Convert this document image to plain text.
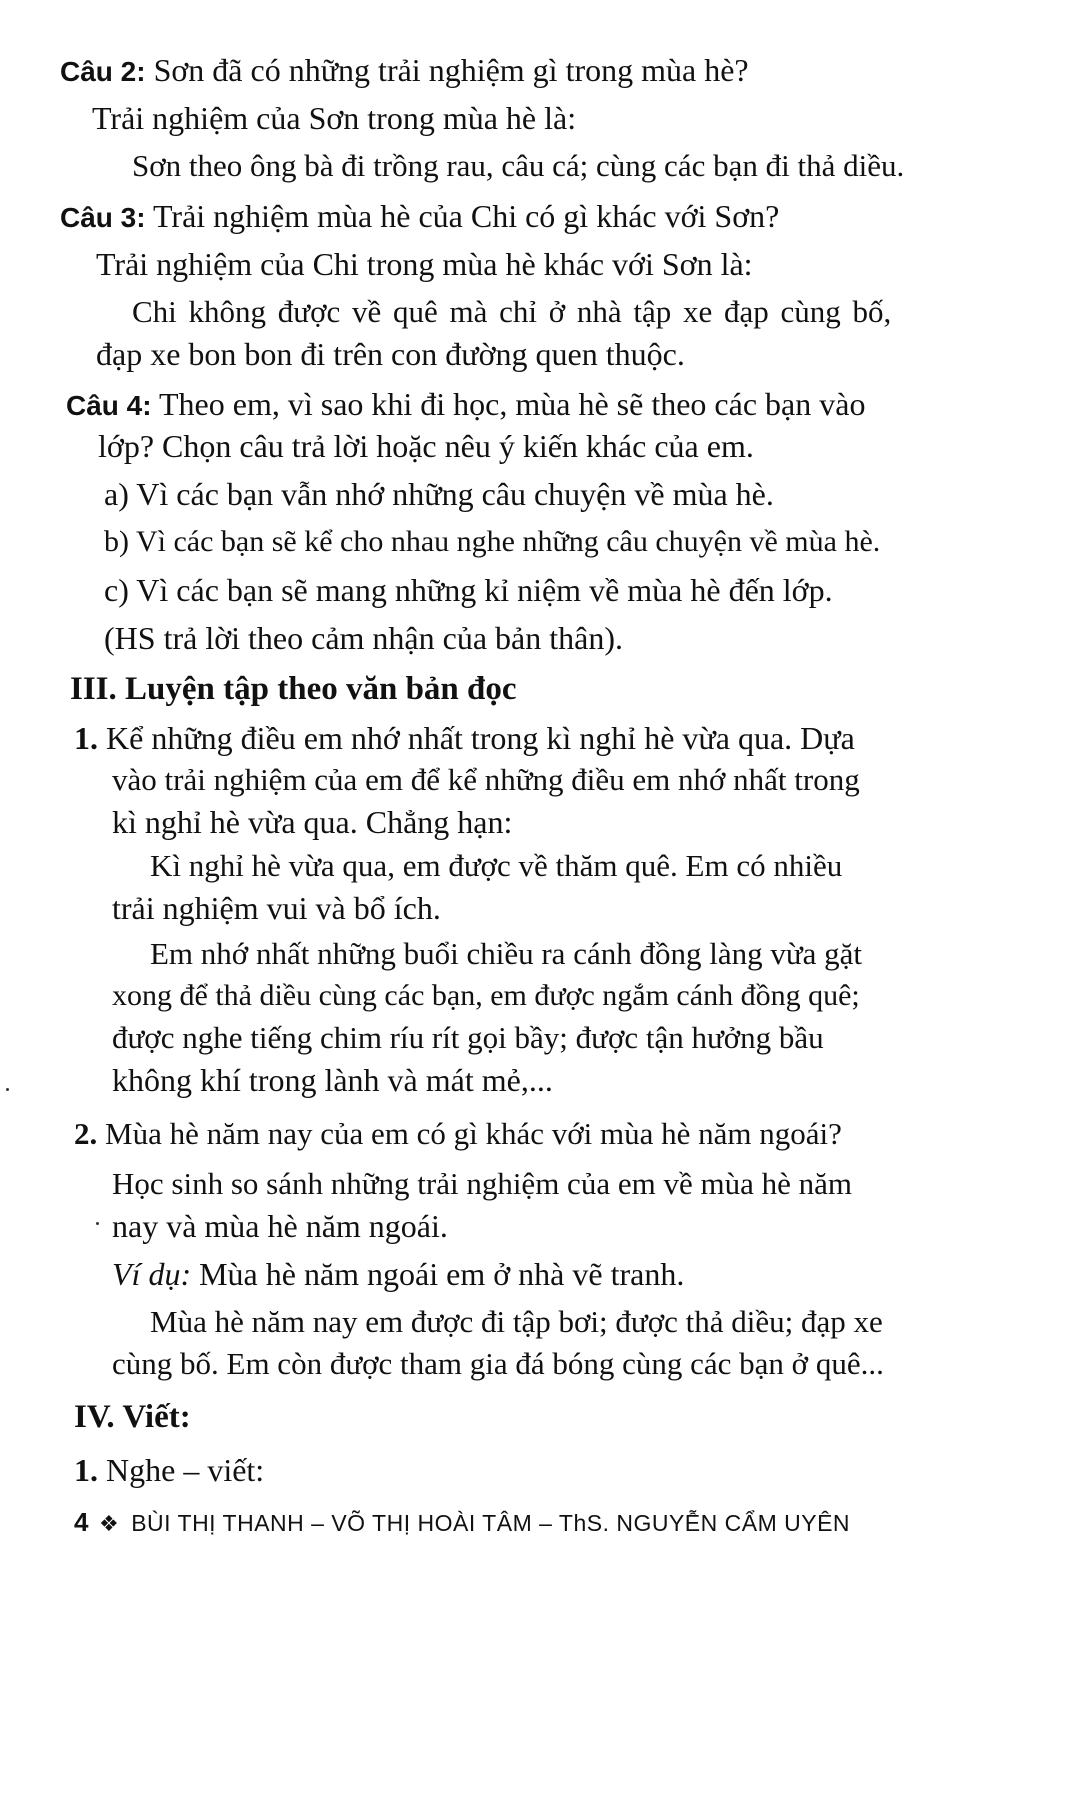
Câu 2: Sơn đã có những trải nghiệm gì trong mùa hè?
Trải nghiệm của Sơn trong mùa hè là:
Sơn theo ông bà đi trồng rau, câu cá; cùng các bạn đi thả diều.
Câu 3: Trải nghiệm mùa hè của Chi có gì khác với Sơn?
Trải nghiệm của Chi trong mùa hè khác với Sơn là:
Chi không được về quê mà chỉ ở nhà tập xe đạp cùng bố,
đạp xe bon bon đi trên con đường quen thuộc.
Câu 4: Theo em, vì sao khi đi học, mùa hè sẽ theo các bạn vào
lớp? Chọn câu trả lời hoặc nêu ý kiến khác của em.
a) Vì các bạn vẫn nhớ những câu chuyện về mùa hè.
b) Vì các bạn sẽ kể cho nhau nghe những câu chuyện về mùa hè.
c) Vì các bạn sẽ mang những kỉ niệm về mùa hè đến lớp.
(HS trả lời theo cảm nhận của bản thân).
III. Luyện tập theo văn bản đọc
1. Kể những điều em nhớ nhất trong kì nghỉ hè vừa qua. Dựa
vào trải nghiệm của em để kể những điều em nhớ nhất trong
kì nghỉ hè vừa qua. Chẳng hạn:
Kì nghỉ hè vừa qua, em được về thăm quê. Em có nhiều
trải nghiệm vui và bổ ích.
Em nhớ nhất những buổi chiều ra cánh đồng làng vừa gặt
xong để thả diều cùng các bạn, em được ngắm cánh đồng quê;
được nghe tiếng chim ríu rít gọi bầy; được tận hưởng bầu
không khí trong lành và mát mẻ,...
2. Mùa hè năm nay của em có gì khác với mùa hè năm ngoái?
Học sinh so sánh những trải nghiệm của em về mùa hè năm
nay và mùa hè năm ngoái.
Ví dụ: Mùa hè năm ngoái em ở nhà vẽ tranh.
Mùa hè năm nay em được đi tập bơi; được thả diều; đạp xe
cùng bố. Em còn được tham gia đá bóng cùng các bạn ở quê...
IV. Viết:
1. Nghe – viết:
4 ❖ BÙI THỊ THANH – VÕ THỊ HOÀI TÂM – ThS. NGUYỄN CẨM UYÊN
